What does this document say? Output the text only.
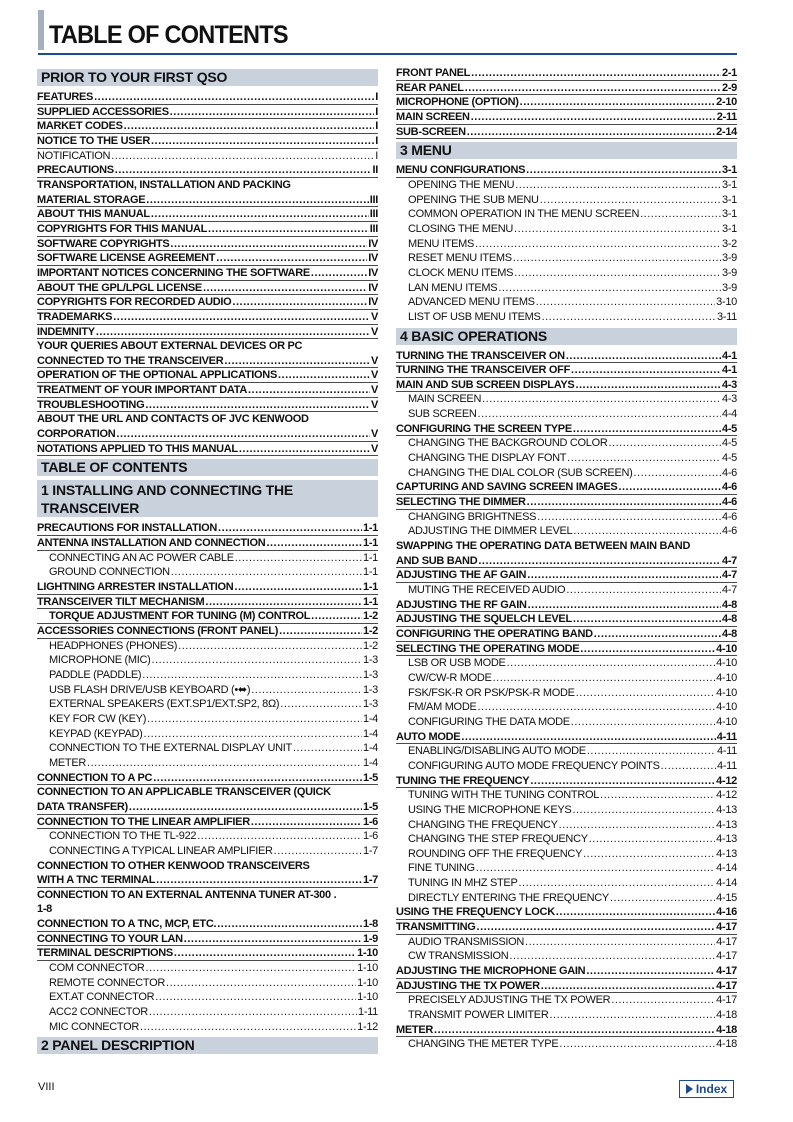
TABLE OF CONTENTS
PRIOR TO YOUR FIRST QSO
FEATURES .....	I
SUPPLIED ACCESSORIES .....	I
MARKET CODES .....	I
NOTICE TO THE USER .....	I
NOTIFICATION .....	I
PRECAUTIONS .....	II
TRANSPORTATION, INSTALLATION AND PACKING
MATERIAL STORAGE .....	III
ABOUT THIS MANUAL .....	III
COPYRIGHTS FOR THIS MANUAL .....	III
SOFTWARE COPYRIGHTS .....	IV
SOFTWARE LICENSE AGREEMENT .....	IV
IMPORTANT NOTICES CONCERNING THE SOFTWARE .....	IV
ABOUT THE GPL/LPGL LICENSE .....	IV
COPYRIGHTS FOR RECORDED AUDIO .....	IV
TRADEMARKS .....	V
INDEMNITY .....	V
YOUR QUERIES ABOUT EXTERNAL DEVICES OR PC
CONNECTED TO THE TRANSCEIVER .....	V
OPERATION OF THE OPTIONAL APPLICATIONS .....	V
TREATMENT OF YOUR IMPORTANT DATA .....	V
TROUBLESHOOTING .....	V
ABOUT THE URL AND CONTACTS OF JVC KENWOOD
CORPORATION .....	V
NOTATIONS APPLIED TO THIS MANUAL .....	V
TABLE OF CONTENTS
1 INSTALLING AND CONNECTING THE TRANSCEIVER
PRECAUTIONS FOR INSTALLATION .....	1-1
ANTENNA INSTALLATION AND CONNECTION .....	1-1
CONNECTING AN AC POWER CABLE .....	1-1
GROUND CONNECTION .....	1-1
LIGHTNING ARRESTER INSTALLATION .....	1-1
TRANSCEIVER TILT MECHANISM .....	1-1
TORQUE ADJUSTMENT FOR TUNING (M) CONTROL .....	1-2
ACCESSORIES CONNECTIONS (FRONT PANEL) .....	1-2
HEADPHONES (PHONES) .....	1-2
MICROPHONE (MIC) .....	1-3
PADDLE (PADDLE) .....	1-3
USB FLASH DRIVE/USB KEYBOARD (•⬌) .....	1-3
EXTERNAL SPEAKERS (EXT.SP1/EXT.SP2, 8Ω) .....	1-3
KEY FOR CW (KEY) .....	1-4
KEYPAD (KEYPAD) .....	1-4
CONNECTION TO THE EXTERNAL DISPLAY UNIT .....	1-4
METER .....	1-4
CONNECTION TO A PC .....	1-5
CONNECTION TO AN APPLICABLE TRANSCEIVER (QUICK
DATA TRANSFER) .....	1-5
CONNECTION TO THE LINEAR AMPLIFIER .....	1-6
CONNECTION TO THE TL-922 .....	1-6
CONNECTING A TYPICAL LINEAR AMPLIFIER .....	1-7
CONNECTION TO OTHER KENWOOD TRANSCEIVERS
WITH A TNC TERMINAL .....	1-7
CONNECTION TO AN EXTERNAL ANTENNA TUNER AT-300 .
1-8
CONNECTION TO A TNC, MCP, ETC. .....	1-8
CONNECTING TO YOUR LAN .....	1-9
TERMINAL DESCRIPTIONS .....	1-10
COM CONNECTOR .....	1-10
REMOTE CONNECTOR .....	1-10
EXT.AT CONNECTOR .....	1-10
ACC2 CONNECTOR .....	1-11
MIC CONNECTOR .....	1-12
2 PANEL DESCRIPTION
FRONT PANEL .....	2-1
REAR PANEL .....	2-9
MICROPHONE (OPTION) .....	2-10
MAIN SCREEN .....	2-11
SUB-SCREEN .....	2-14
3 MENU
MENU CONFIGURATIONS .....	3-1
OPENING THE MENU .....	3-1
OPENING THE SUB MENU .....	3-1
COMMON OPERATION IN THE MENU SCREEN .....	3-1
CLOSING THE MENU .....	3-1
MENU ITEMS .....	3-2
RESET MENU ITEMS .....	3-9
CLOCK MENU ITEMS .....	3-9
LAN MENU ITEMS .....	3-9
ADVANCED MENU ITEMS .....	3-10
LIST OF USB MENU ITEMS .....	3-11
4 BASIC OPERATIONS
TURNING THE TRANSCEIVER ON .....	4-1
TURNING THE TRANSCEIVER OFF .....	4-1
MAIN AND SUB SCREEN DISPLAYS .....	4-3
MAIN SCREEN .....	4-3
SUB SCREEN .....	4-4
CONFIGURING THE SCREEN TYPE .....	4-5
CHANGING THE BACKGROUND COLOR .....	4-5
CHANGING THE DISPLAY FONT .....	4-5
CHANGING THE DIAL COLOR (SUB SCREEN) .....	4-6
CAPTURING AND SAVING SCREEN IMAGES .....	4-6
SELECTING THE DIMMER .....	4-6
CHANGING BRIGHTNESS .....	4-6
ADJUSTING THE DIMMER LEVEL .....	4-6
SWAPPING THE OPERATING DATA BETWEEN MAIN BAND
AND SUB BAND .....	4-7
ADJUSTING THE AF GAIN .....	4-7
MUTING THE RECEIVED AUDIO .....	4-7
ADJUSTING THE RF GAIN .....	4-8
ADJUSTING THE SQUELCH LEVEL .....	4-8
CONFIGURING THE OPERATING BAND .....	4-8
SELECTING THE OPERATING MODE .....	4-10
LSB OR USB MODE .....	4-10
CW/CW-R MODE .....	4-10
FSK/FSK-R OR PSK/PSK-R MODE .....	4-10
FM/AM MODE .....	4-10
CONFIGURING THE DATA MODE .....	4-10
AUTO MODE .....	4-11
ENABLING/DISABLING AUTO MODE .....	4-11
CONFIGURING AUTO MODE FREQUENCY POINTS .....	4-11
TUNING THE FREQUENCY .....	4-12
TUNING WITH THE TUNING CONTROL .....	4-12
USING THE MICROPHONE KEYS .....	4-13
CHANGING THE FREQUENCY .....	4-13
CHANGING THE STEP FREQUENCY .....	4-13
ROUNDING OFF THE FREQUENCY .....	4-13
FINE TUNING .....	4-14
TUNING IN MHZ STEP .....	4-14
DIRECTLY ENTERING THE FREQUENCY .....	4-15
USING THE FREQUENCY LOCK .....	4-16
TRANSMITTING .....	4-17
AUDIO TRANSMISSION .....	4-17
CW TRANSMISSION .....	4-17
ADJUSTING THE MICROPHONE GAIN .....	4-17
ADJUSTING THE TX POWER .....	4-17
PRECISELY ADJUSTING THE TX POWER .....	4-17
TRANSMIT POWER LIMITER .....	4-18
METER .....	4-18
CHANGING THE METER TYPE .....	4-18
VIII	Index
